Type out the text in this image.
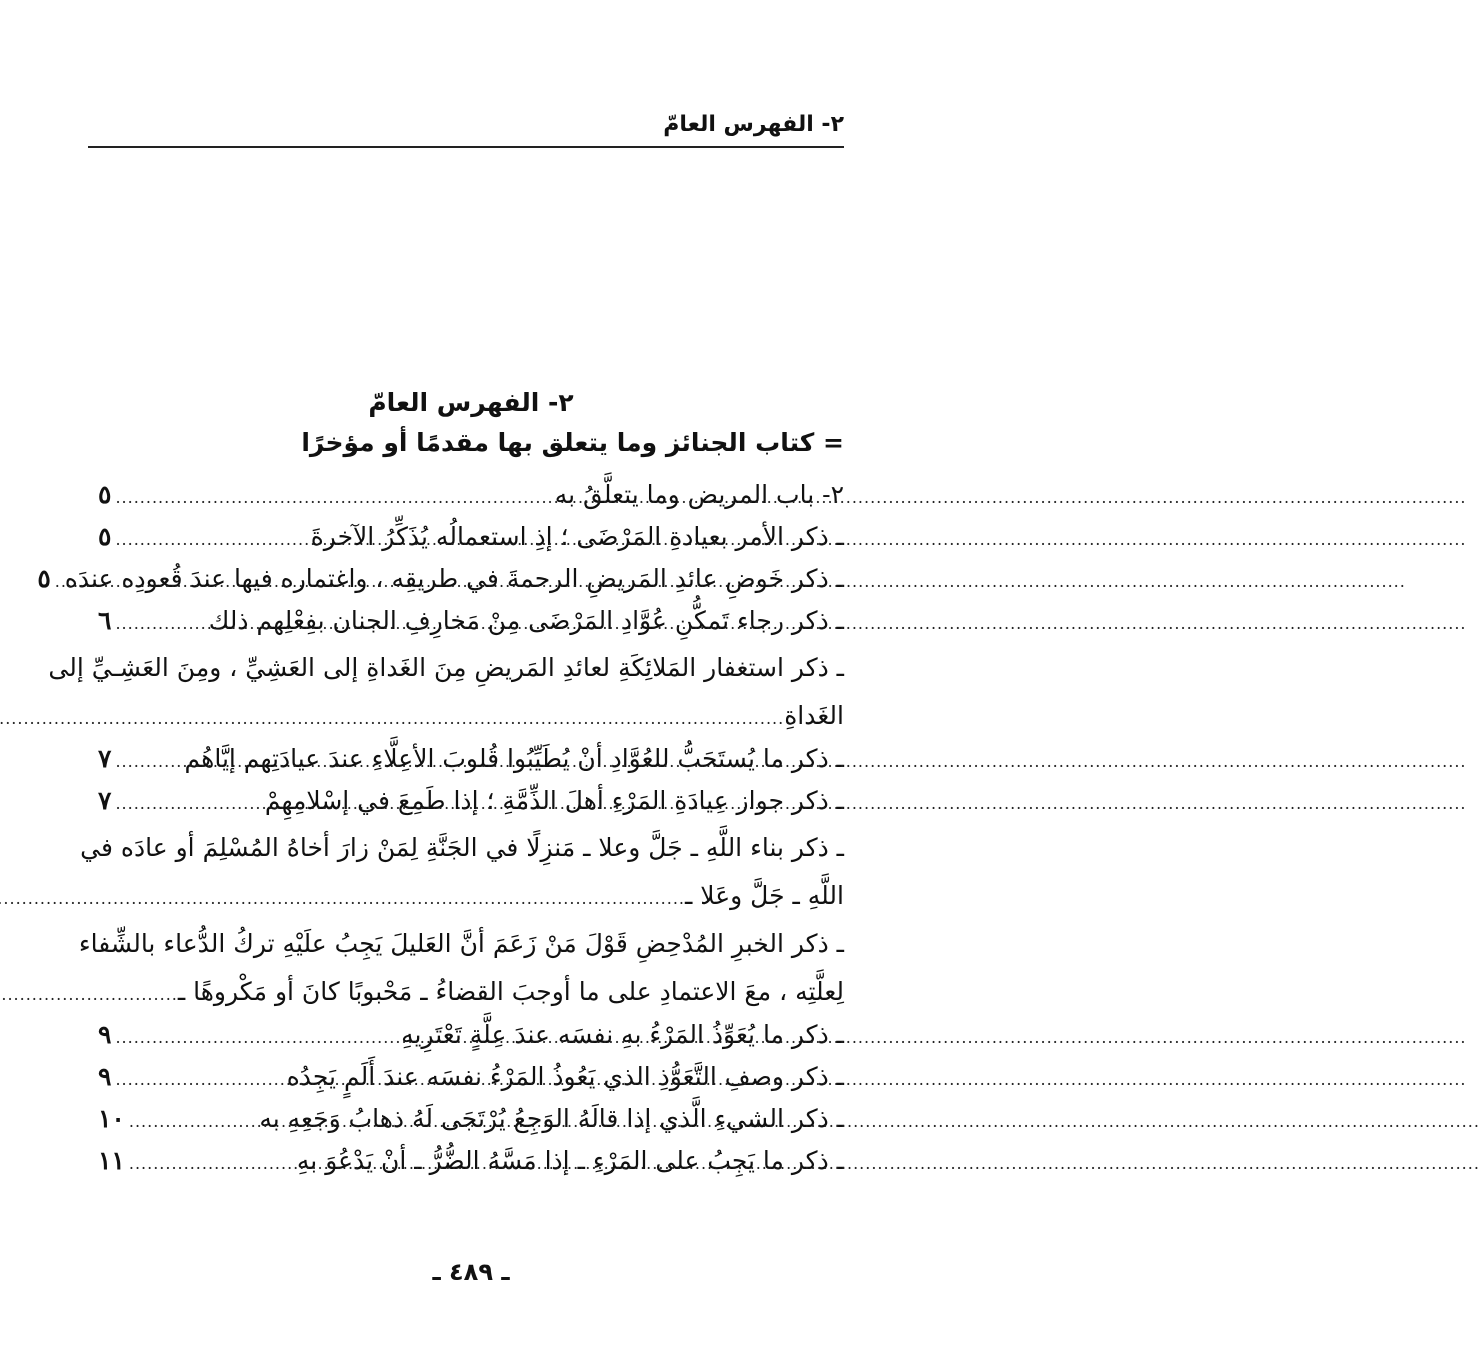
٢- الفهرس العامّ
٢- الفهرس العامّ
= كتاب الجنائز وما يتعلق بها مقدمًا أو مؤخرًا
٢- باب المريض وما يتعلَّقُ به
.....
٥
ـ ذكر الأمر بعيادةِ المَرْضَى ؛ إذِ استعمالُه يُذَكِّرُ الآخرةَ
.....
٥
ـ ذكر خَوضِ عائدِ المَريضِ الرحمةَ في طريقِه ، واغتماره فيها عندَ قُعودِه عندَه
.....
٥
ـ ذكر رجاء تَمكُّنِ عُوَّادِ المَرْضَى مِنْ مَخارِفِ الجنان بفِعْلِهم ذلك
.....
٦
ـ ذكر استغفار المَلائِكَةِ لعائدِ المَريضِ مِنَ الغَداةِ إلى العَشِيِّ ، ومِنَ العَشِـيِّ إلى
الغَداةِ
.....
ـ ذكر ما يُستَحَبُّ للعُوَّادِ أنْ يُطَيِّبُوا قُلوبَ الأعِلَّاءِ عندَ عيادَتِهم إيَّاهُم
.....
٧
ـ ذكر جواز عِيادَةِ المَرْءِ أهلَ الذِّمَّةِ ؛ إذا طَمِعَ في إسْلامِهِمْ
.....
٧
ـ ذكر بناء اللَّهِ ـ جَلَّ وعلا ـ مَنزِلًا في الجَنَّةِ لِمَنْ زارَ أخاهُ المُسْلِمَ أو عادَه في
اللَّهِ ـ جَلَّ وعَلا ـ
.....
ـ ذكر الخبرِ المُدْحِضِ قَوْلَ مَنْ زَعَمَ أنَّ العَليلَ يَجِبُ علَيْهِ تركُ الدُّعاء بالشِّفاء
لِعلَّتِه ، معَ الاعتمادِ على ما أوجبَ القضاءُ ـ مَحْبوبًا كانَ أو مَكْروهًا ـ
.....
ـ ذكر ما يُعَوِّذُ المَرْءُ بهِ نفسَه عندَ عِلَّةٍ تَعْتَرِيهِ
.....
٩
ـ ذكر وصفِ التَّعَوُّذِ الذي يَعُوذُ المَرْءُ نفسَه عندَ أَلَمٍ يَجِدُه
.....
٩
ـ ذكر الشيءِ الَّذي إذا قالَهُ الوَجِعُ يُرْتَجَى لَهُ ذهابُ وَجَعِهِ به
.....
١٠
ـ ذكر ما يَجِبُ على المَرْءِ ـ إذا مَسَّهُ الضُّرُّ ـ أنْ يَدْعُوَ بهِ
.....
١١
ـ ٤٨٩ ـ
